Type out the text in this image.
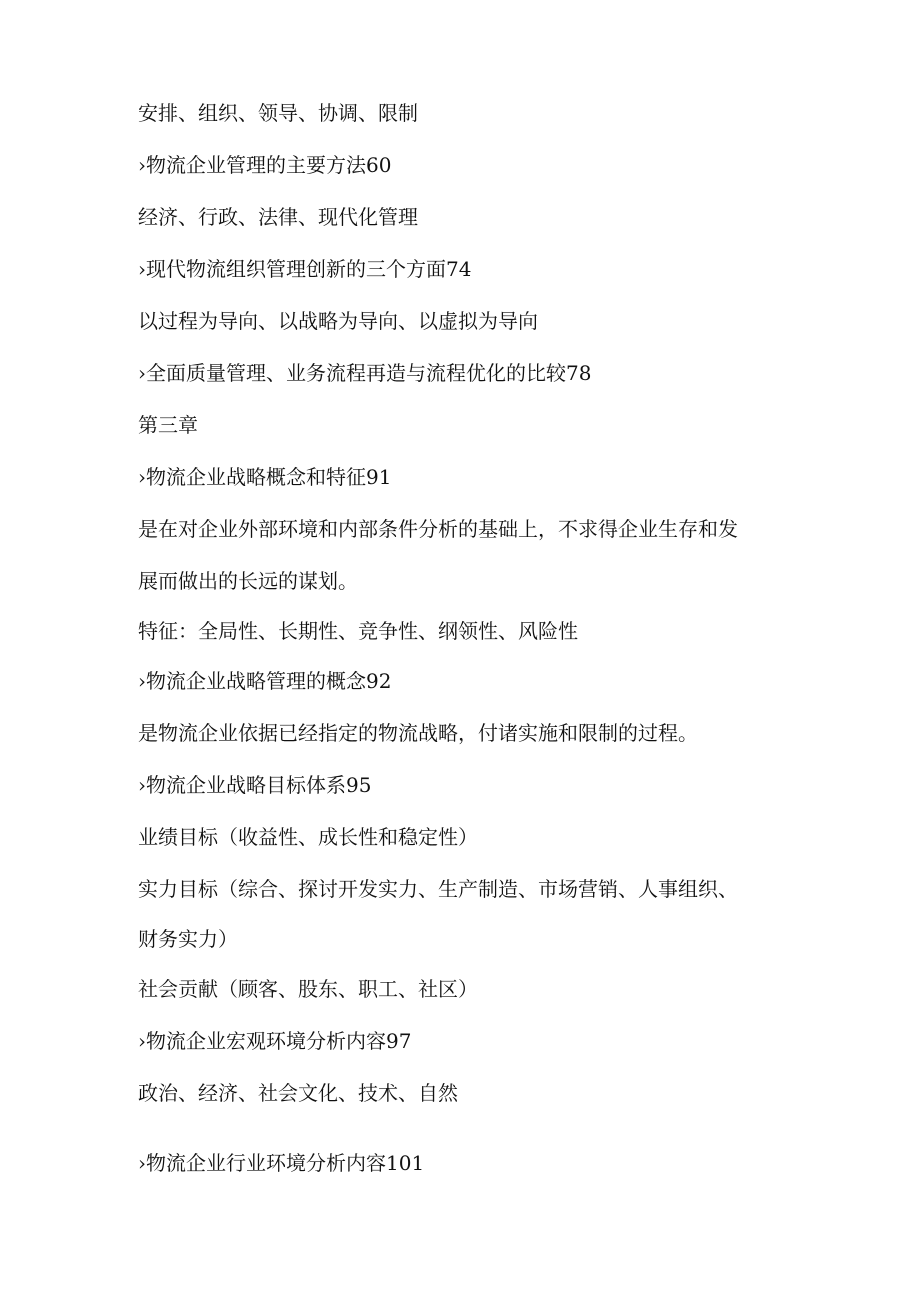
安排、组织、领导、协调、限制
›物流企业管理的主要方法60
经济、行政、法律、现代化管理
›现代物流组织管理创新的三个方面74
以过程为导向、以战略为导向、以虚拟为导向
›全面质量管理、业务流程再造与流程优化的比较78
第三章
›物流企业战略概念和特征91
是在对企业外部环境和内部条件分析的基础上，不求得企业生存和发
展而做出的长远的谋划。
特征：全局性、长期性、竞争性、纲领性、风险性
›物流企业战略管理的概念92
是物流企业依据已经指定的物流战略，付诸实施和限制的过程。
›物流企业战略目标体系95
业绩目标（收益性、成长性和稳定性）
实力目标（综合、探讨开发实力、生产制造、市场营销、人事组织、
财务实力）
社会贡献（顾客、股东、职工、社区）
›物流企业宏观环境分析内容97
政治、经济、社会文化、技术、自然
›物流企业行业环境分析内容101
